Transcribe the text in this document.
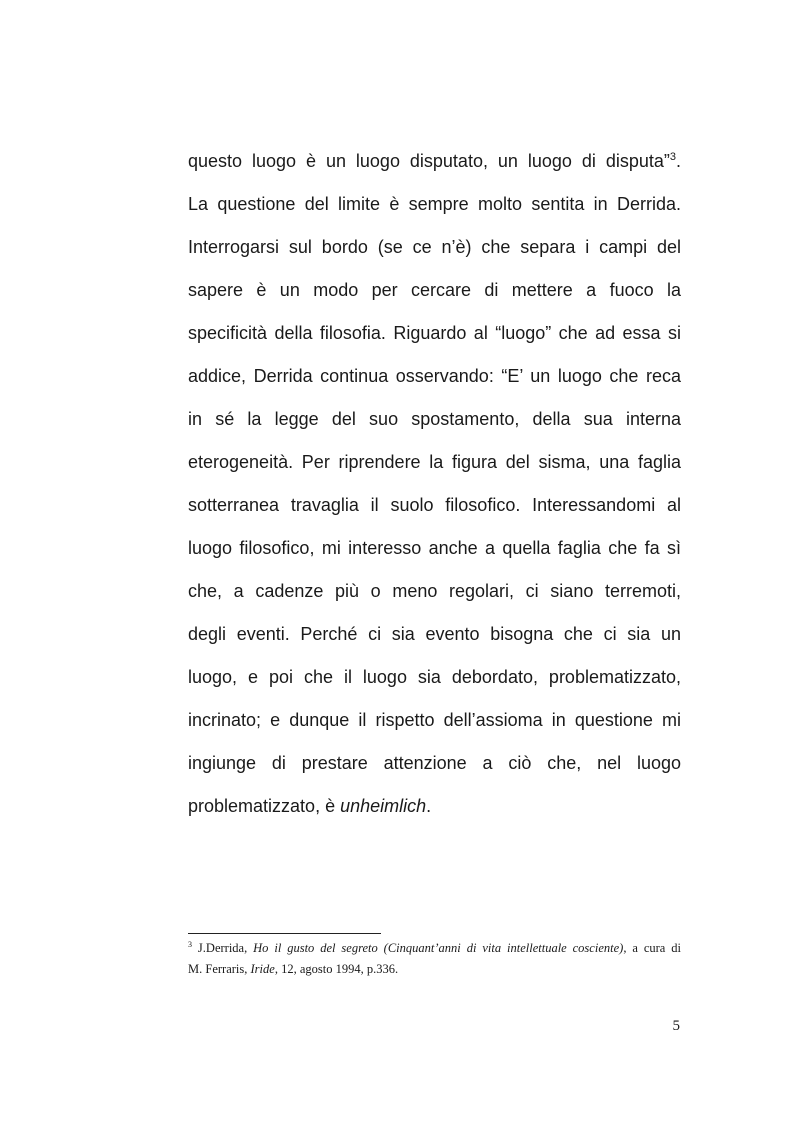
questo luogo è un luogo disputato, un luogo di disputa”$^3$.
La questione del limite è sempre molto sentita in Derrida.
Interrogarsi sul bordo (se ce n’è) che separa i campi del
sapere è un modo per cercare di mettere a fuoco la
specificità della filosofia. Riguardo al “luogo” che ad essa si
addice, Derrida continua osservando: “E’ un luogo che reca
in sé la legge del suo spostamento, della sua interna
eterogeneità. Per riprendere la figura del sisma, una faglia
sotterranea travaglia il suolo filosofico. Interessandomi al
luogo filosofico, mi interesso anche a quella faglia che fa sì
che, a cadenze più o meno regolari, ci siano terremoti,
degli eventi. Perché ci sia evento bisogna che ci sia un
luogo, e poi che il luogo sia debordato, problematizzato,
incrinato; e dunque il rispetto dell’assioma in questione mi
ingiunge di prestare attenzione a ciò che, nel luogo
problematizzato, è unheimlich.
$^3$ J.Derrida, Ho il gusto del segreto (Cinquant’anni di vita intellettuale cosciente), a cura di
M. Ferraris, Iride, 12, agosto 1994, p.336.
5
